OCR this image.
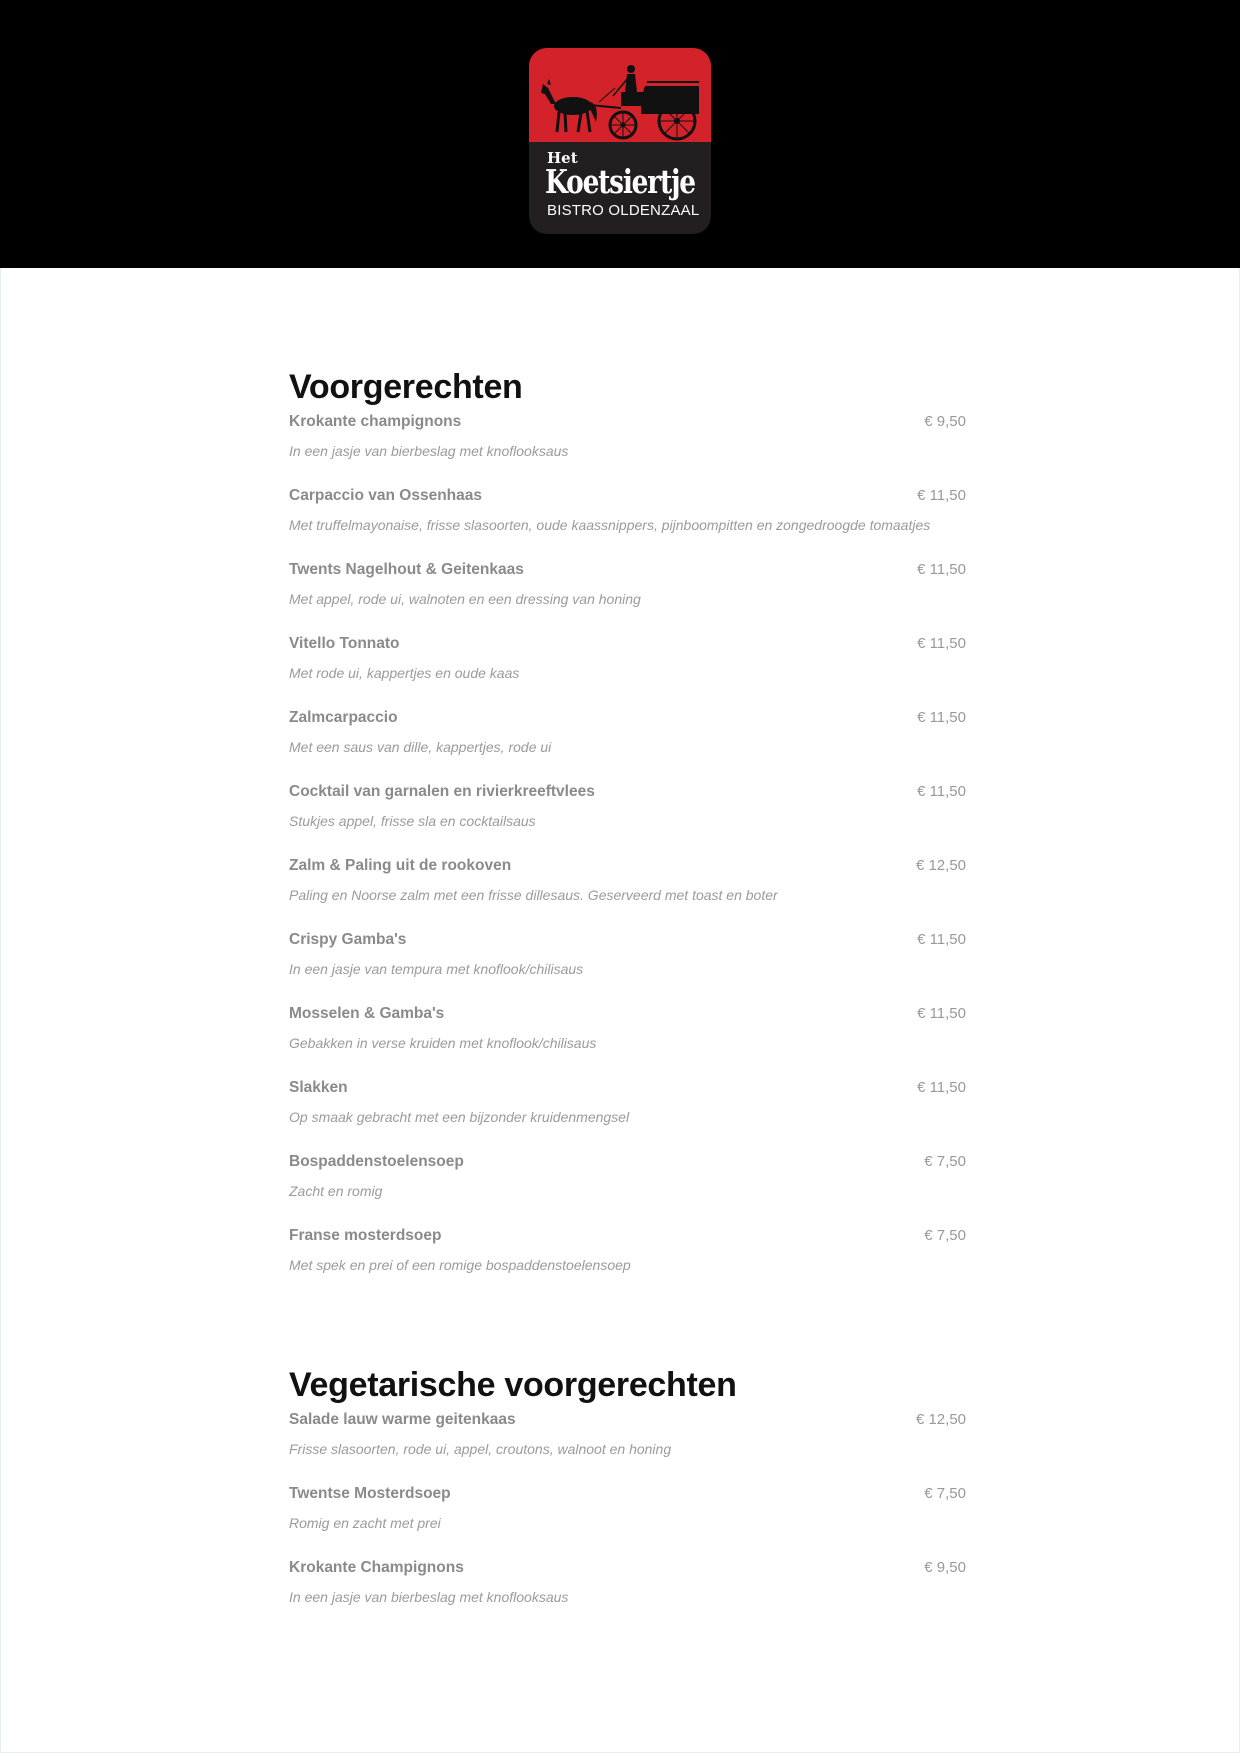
Het
Koetsiertje
BISTRO OLDENZAAL
Voorgerechten
Krokante champignons	€ 9,50
In een jasje van bierbeslag met knoflooksaus
Carpaccio van Ossenhaas	€ 11,50
Met truffelmayonaise, frisse slasoorten, oude kaassnippers, pijnboompitten en zongedroogde tomaatjes
Twents Nagelhout & Geitenkaas	€ 11,50
Met appel, rode ui, walnoten en een dressing van honing
Vitello Tonnato	€ 11,50
Met rode ui, kappertjes en oude kaas
Zalmcarpaccio	€ 11,50
Met een saus van dille, kappertjes, rode ui
Cocktail van garnalen en rivierkreeftvlees	€ 11,50
Stukjes appel, frisse sla en cocktailsaus
Zalm & Paling uit de rookoven	€ 12,50
Paling en Noorse zalm met een frisse dillesaus. Geserveerd met toast en boter
Crispy Gamba's	€ 11,50
In een jasje van tempura met knoflook/chilisaus
Mosselen & Gamba's	€ 11,50
Gebakken in verse kruiden met knoflook/chilisaus
Slakken	€ 11,50
Op smaak gebracht met een bijzonder kruidenmengsel
Bospaddenstoelensoep	€ 7,50
Zacht en romig
Franse mosterdsoep	€ 7,50
Met spek en prei of een romige bospaddenstoelensoep
Vegetarische voorgerechten
Salade lauw warme geitenkaas	€ 12,50
Frisse slasoorten, rode ui, appel, croutons, walnoot en honing
Twentse Mosterdsoep	€ 7,50
Romig en zacht met prei
Krokante Champignons	€ 9,50
In een jasje van bierbeslag met knoflooksaus
